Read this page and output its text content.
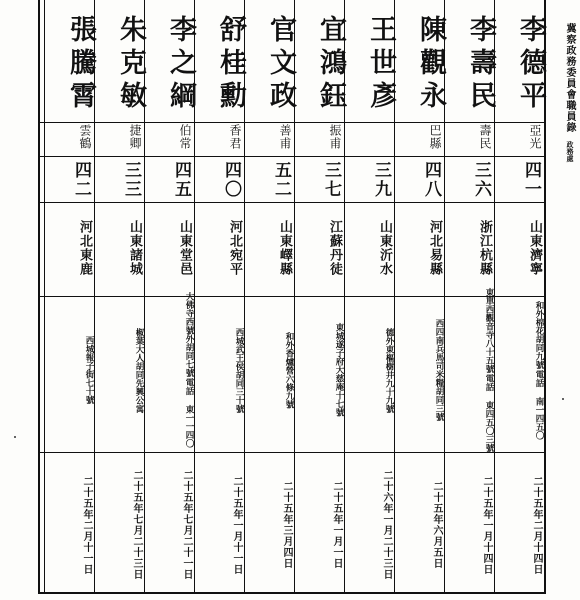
冀察政務委員會職員錄
政務處
李德平
亞光
四一
山東濟寧
和外棉花胡同九號
電話 南一四五〇
二十五年二月十四日
李壽民
壽民
三六
浙江杭縣
東單西觀音寺八十五號
電話 東四五〇三號
二十五年一月十四日
陳觀永
巴縣
四八
河北易縣
西四南兵馬司米糧胡同三號
二十五年六月五日
王世彥
三九
山東沂水
德外東樞樹井九十九號
二十六年一月二十三日
宜鴻鈺
振甫
三七
江蘇丹徒
東城遂子府大慈庵十七號
二十五年一月一日
官文政
善甫
五二
山東嶧縣
和外香爐營六條九號
二十五年三月四日
舒桂勳
香君
四〇
河北宛平
西城武王侯胡同三十號
二十五年一月十一日
李之綱
伯常
四五
山東堂邑
大佛寺西號外胡同七號
電話 東一一四〇
二十五年七月二十一日
朱克敏
捷卿
三三
山東諸城
椒葉大人胡同先興公寓
二十五年七月二十三日
張騰霄
雲鶴
四二
河北東鹿
西城報子街七十號
二十五年二月十一日
